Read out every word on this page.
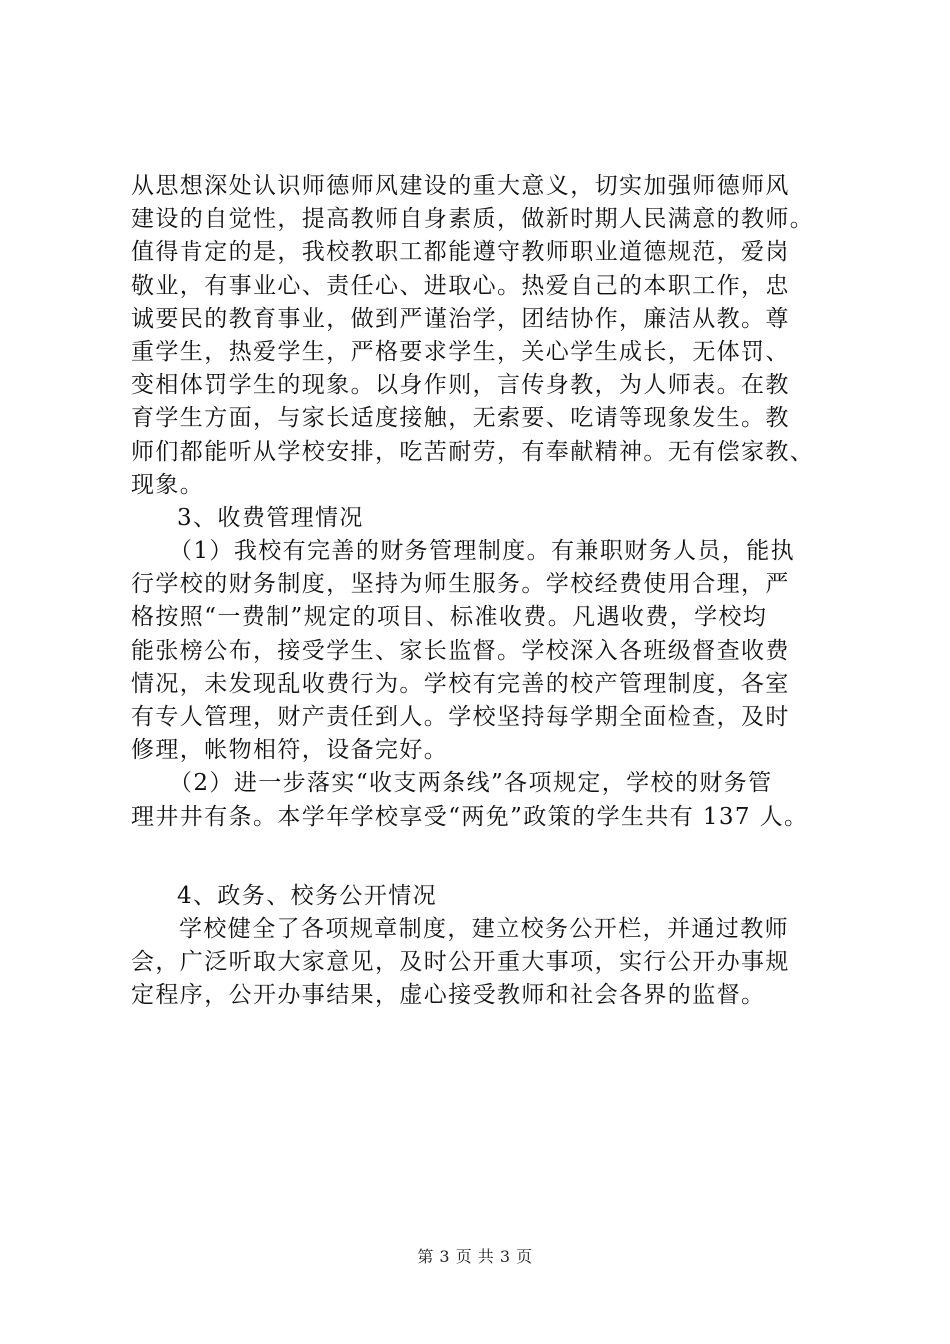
从思想深处认识师德师风建设的重大意义，切实加强师德师风
建设的自觉性，提高教师自身素质，做新时期人民满意的教师。
值得肯定的是，我校教职工都能遵守教师职业道德规范，爱岗
敬业，有事业心、责任心、进取心。热爱自己的本职工作，忠
诚要民的教育事业，做到严谨治学，团结协作，廉洁从教。尊
重学生，热爱学生，严格要求学生，关心学生成长，无体罚、
变相体罚学生的现象。以身作则，言传身教，为人师表。在教
育学生方面，与家长适度接触，无索要、吃请等现象发生。教
师们都能听从学校安排，吃苦耐劳，有奉献精神。无有偿家教、
现象。
3、收费管理情况
（1）我校有完善的财务管理制度。有兼职财务人员，能执
行学校的财务制度，坚持为师生服务。学校经费使用合理，严
格按照“一费制”规定的项目、标准收费。凡遇收费，学校均
能张榜公布，接受学生、家长监督。学校深入各班级督查收费
情况，未发现乱收费行为。学校有完善的校产管理制度，各室
有专人管理，财产责任到人。学校坚持每学期全面检查，及时
修理，帐物相符，设备完好。
（2）进一步落实“收支两条线”各项规定，学校的财务管
理井井有条。本学年学校享受“两免”政策的学生共有 137 人。
4、政务、校务公开情况
学校健全了各项规章制度，建立校务公开栏，并通过教师
会，广泛听取大家意见，及时公开重大事项，实行公开办事规
定程序，公开办事结果，虚心接受教师和社会各界的监督。
第 3 页 共 3 页
